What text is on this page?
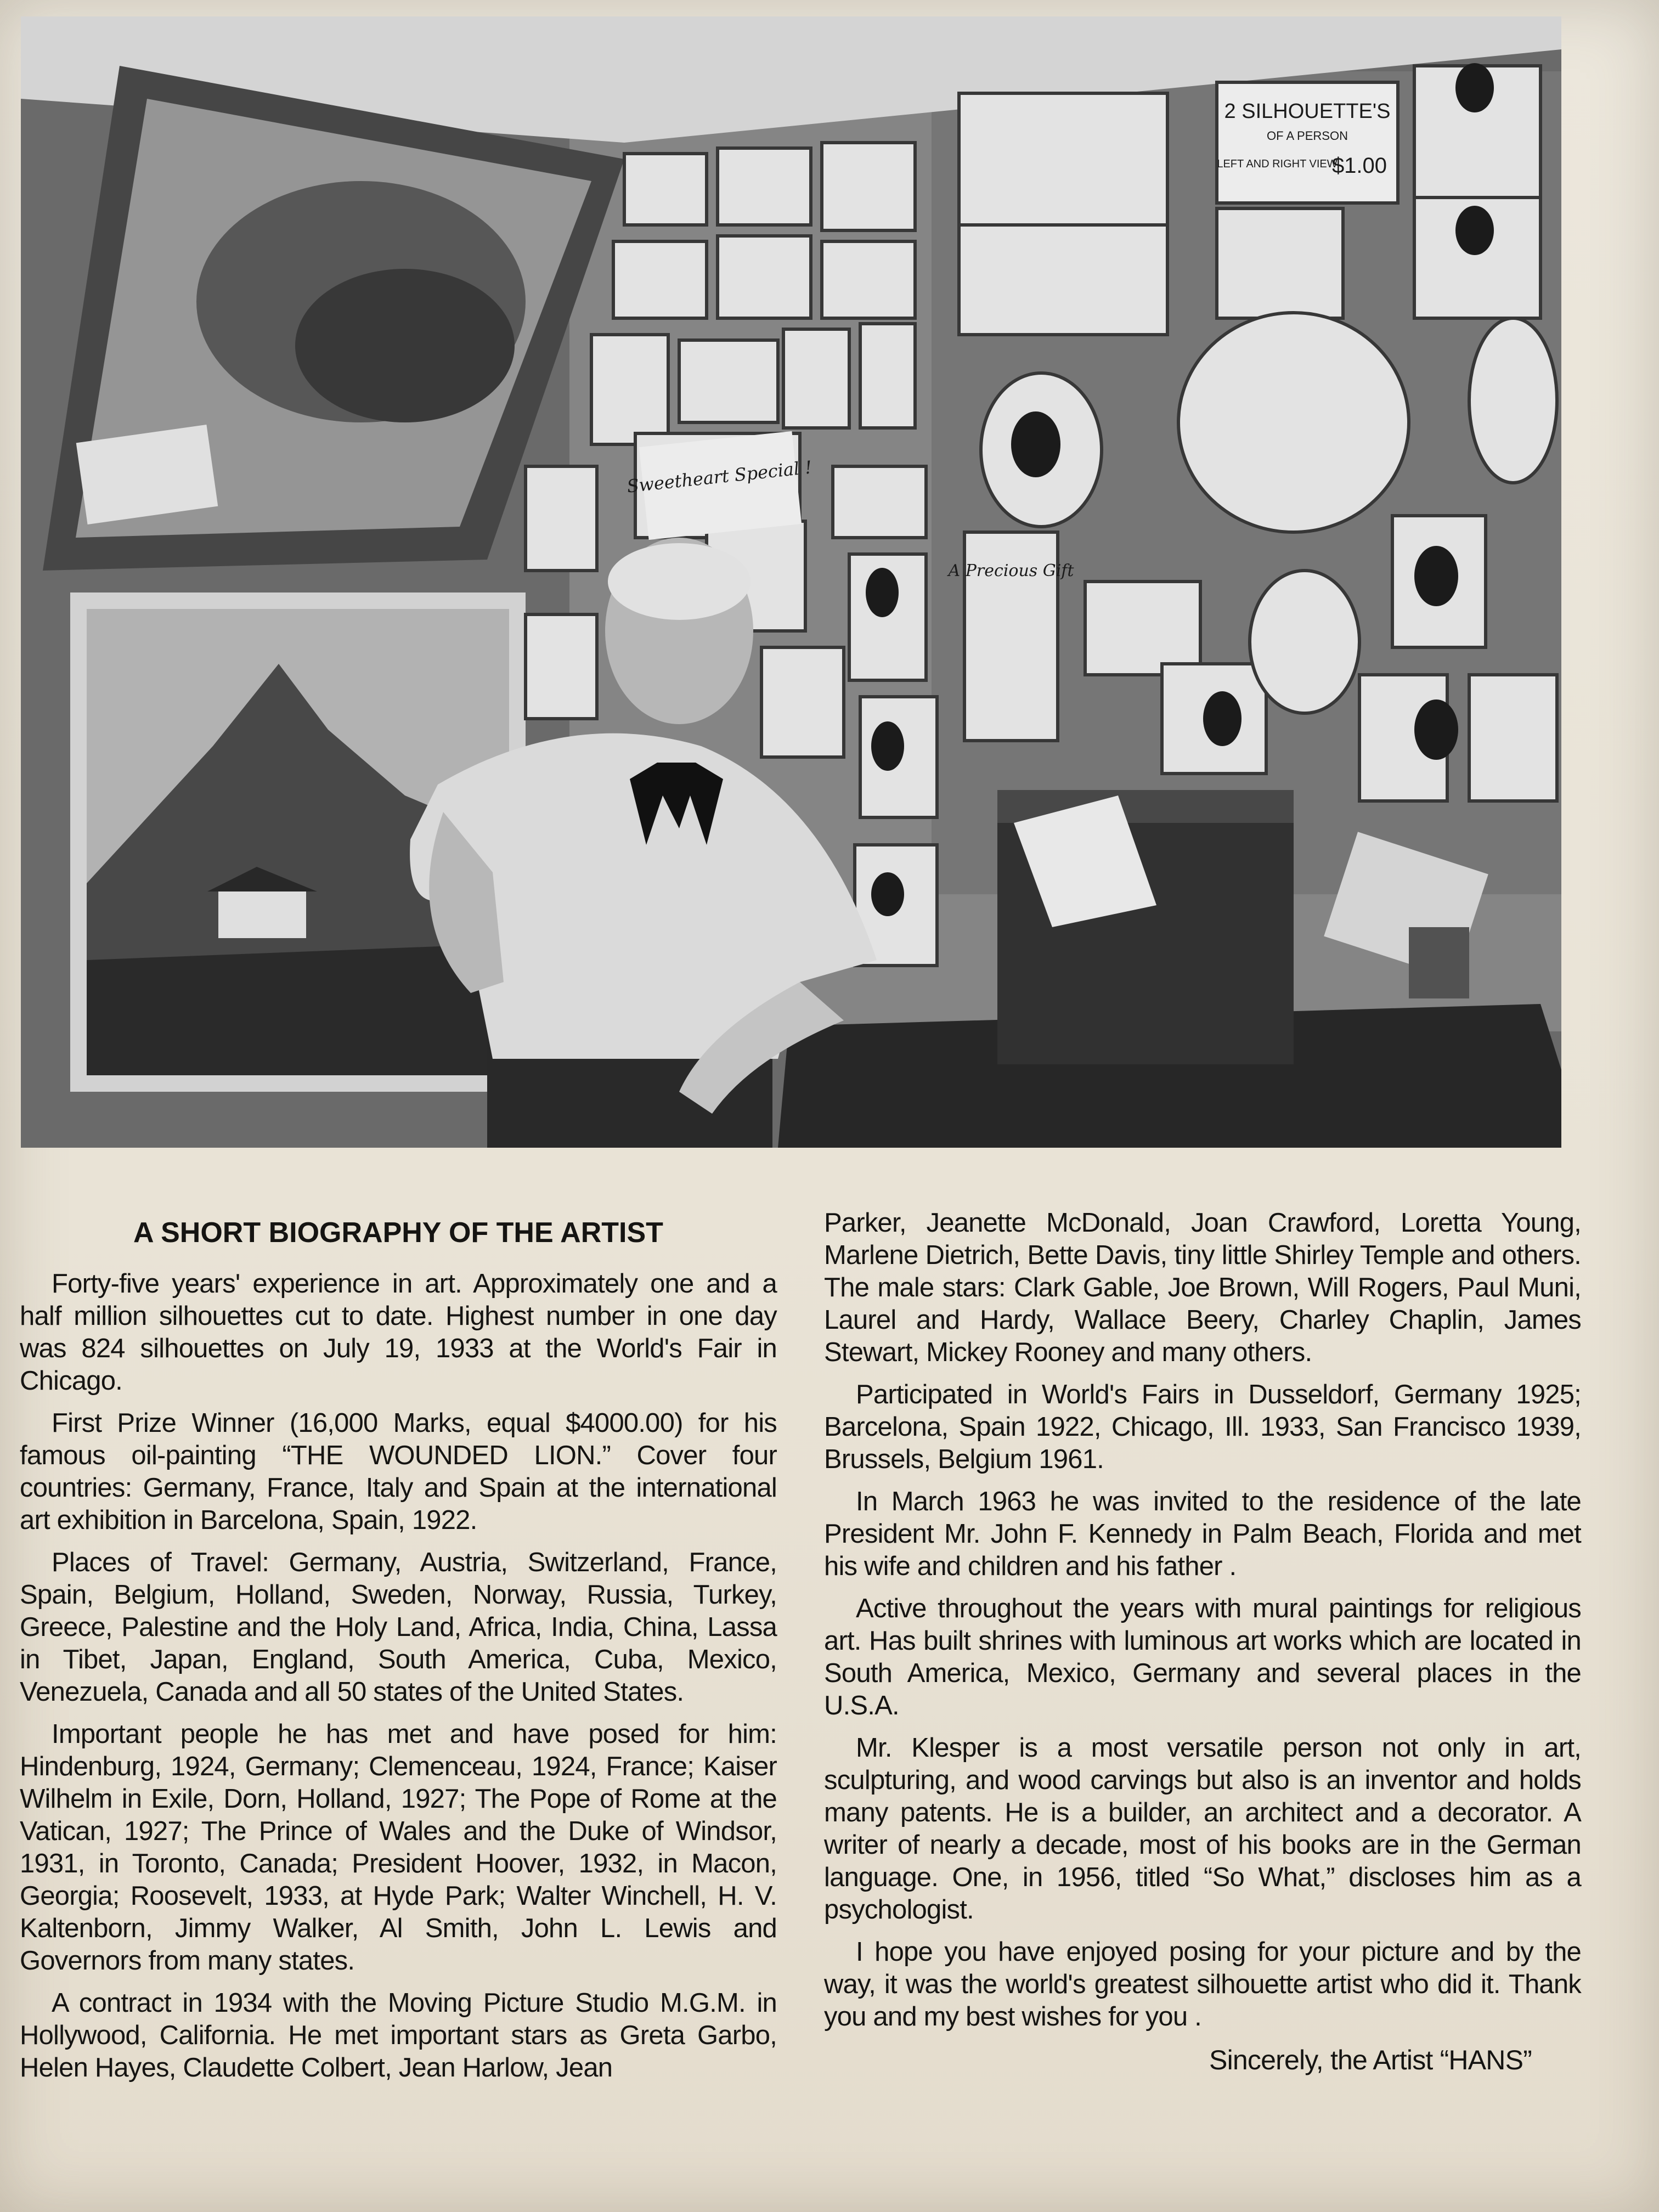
2 SILHOUETTE'S
OF A PERSON
LEFT AND RIGHT VIEW
$1.00
Sweetheart Special !
A Precious Gift
A SHORT BIOGRAPHY OF THE ARTIST

Forty-five years' experience in art. Approximately one and a half million silhouettes cut to date. Highest number in one day was 824 silhouettes on July 19, 1933 at the World's Fair in Chicago.

First Prize Winner (16,000 Marks, equal $4000.00) for his famous oil-painting “THE WOUNDED LION.” Cover four countries: Germany, France, Italy and Spain at the international art exhibition in Barcelona, Spain, 1922.

Places of Travel: Germany, Austria, Switzerland, France, Spain, Belgium, Holland, Sweden, Norway, Russia, Turkey, Greece, Palestine and the Holy Land, Africa, India, China, Lassa in Tibet, Japan, England, South America, Cuba, Mexico, Venezuela, Canada and all 50 states of the United States.

Important people he has met and have posed for him: Hindenburg, 1924, Germany; Clemenceau, 1924, France; Kaiser Wilhelm in Exile, Dorn, Holland, 1927; The Pope of Rome at the Vatican, 1927; The Prince of Wales and the Duke of Windsor, 1931, in Toronto, Canada; President Hoover, 1932, in Macon, Georgia; Roosevelt, 1933, at Hyde Park; Walter Winchell, H. V. Kaltenborn, Jimmy Walker, Al Smith, John L. Lewis and Governors from many states.

A contract in 1934 with the Moving Picture Studio M.G.M. in Hollywood, California. He met important stars as Greta Garbo, Helen Hayes, Claudette Colbert, Jean Harlow, Jean

Parker, Jeanette McDonald, Joan Crawford, Loretta Young, Marlene Dietrich, Bette Davis, tiny little Shirley Temple and others. The male stars: Clark Gable, Joe Brown, Will Rogers, Paul Muni, Laurel and Hardy, Wallace Beery, Charley Chaplin, James Stewart, Mickey Rooney and many others.

Participated in World's Fairs in Dusseldorf, Germany 1925; Barcelona, Spain 1922, Chicago, Ill. 1933, San Francisco 1939, Brussels, Belgium 1961.

In March 1963 he was invited to the residence of the late President Mr. John F. Kennedy in Palm Beach, Florida and met his wife and children and his father .

Active throughout the years with mural paintings for religious art. Has built shrines with luminous art works which are located in South America, Mexico, Germany and several places in the U.S.A.

Mr. Klesper is a most versatile person not only in art, sculpturing, and wood carvings but also is an inventor and holds many patents. He is a builder, an architect and a decorator. A writer of nearly a decade, most of his books are in the German language. One, in 1956, titled “So What,” discloses him as a psychologist.

I hope you have enjoyed posing for your picture and by the way, it was the world's greatest silhouette artist who did it. Thank you and my best wishes for you .

Sincerely, the Artist “HANS”
